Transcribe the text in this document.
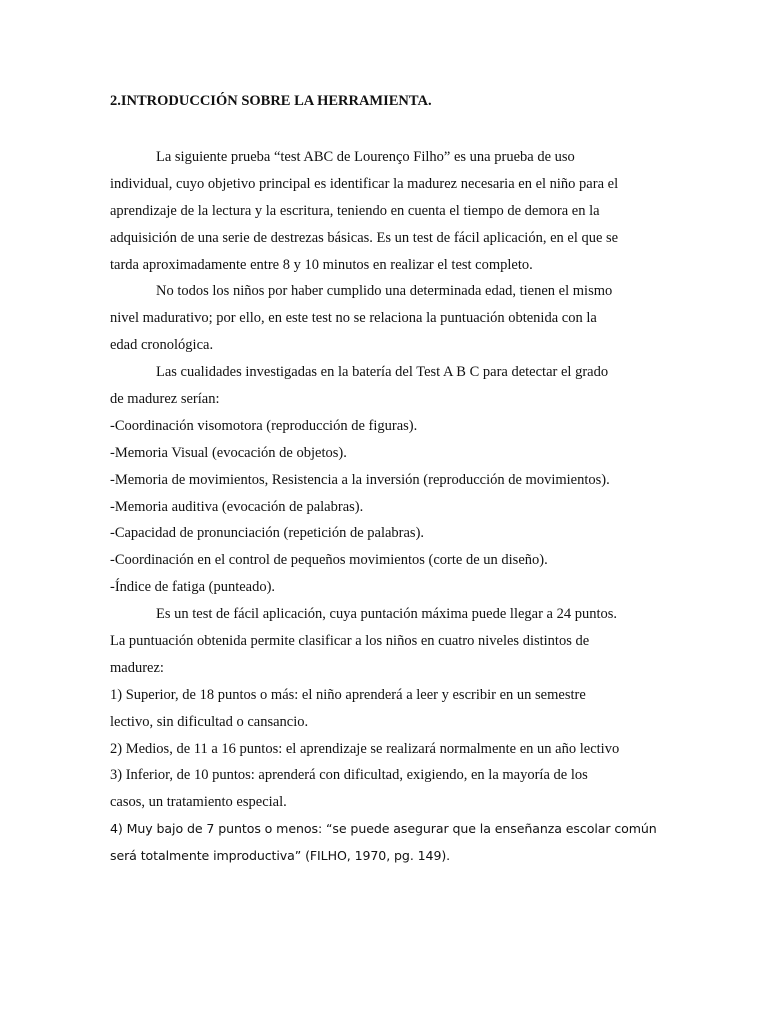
2.INTRODUCCIÓN SOBRE LA HERRAMIENTA.
La siguiente prueba “test ABC de Lourenço Filho” es una prueba de uso
individual, cuyo objetivo principal es identificar la madurez necesaria en el niño para el
aprendizaje de la lectura y la escritura, teniendo en cuenta el tiempo de demora en la
adquisición de una serie de destrezas básicas. Es un test de fácil aplicación, en el que se
tarda aproximadamente entre 8 y 10 minutos en realizar el test completo.
No todos los niños por haber cumplido una determinada edad, tienen el mismo
nivel madurativo; por ello, en este test no se relaciona la puntuación obtenida con la
edad cronológica.
Las cualidades investigadas en la batería del Test A B C para detectar el grado
de madurez serían:
-Coordinación visomotora (reproducción de figuras).
-Memoria Visual (evocación de objetos).
-Memoria de movimientos, Resistencia a la inversión (reproducción de movimientos).
-Memoria auditiva (evocación de palabras).
-Capacidad de pronunciación (repetición de palabras).
-Coordinación en el control de pequeños movimientos (corte de un diseño).
-Índice de fatiga (punteado).
Es un test de fácil aplicación, cuya puntación máxima puede llegar a 24 puntos.
La puntuación obtenida permite clasificar a los niños en cuatro niveles distintos de
madurez:
1) Superior, de 18 puntos o más: el niño aprenderá a leer y escribir en un semestre
lectivo, sin dificultad o cansancio.
2) Medios, de 11 a 16 puntos: el aprendizaje se realizará normalmente en un año lectivo
3) Inferior, de 10 puntos: aprenderá con dificultad, exigiendo, en la mayoría de los
casos, un tratamiento especial.
4) Muy bajo de 7 puntos o menos: “se puede asegurar que la enseñanza escolar común
será totalmente improductiva” (FILHO, 1970, pg. 149).
